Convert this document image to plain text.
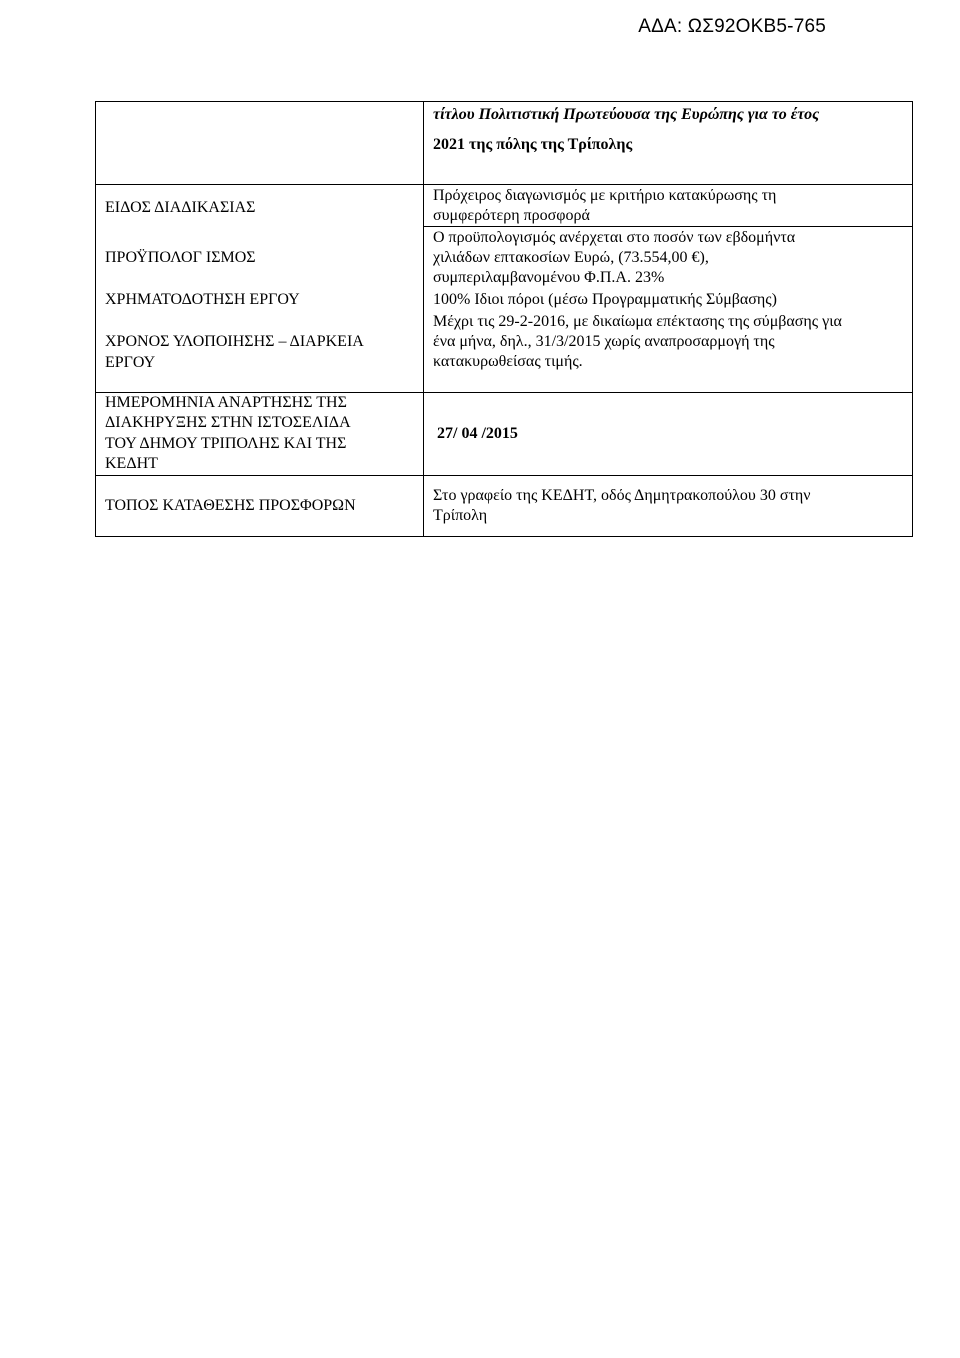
ΑΔΑ: ΩΣ92ΟΚΒ5-765
τίτλου Πολιτιστική Πρωτεύουσα της Ευρώπης για το έτος
2021 της πόλης της Τρίπολης
ΕΙΔΟΣ ΔΙΑΔΙΚΑΣΙΑΣ
ΠΡΟΫΠΟΛΟΓ ΙΣΜΟΣ
ΧΡΗΜΑΤΟΔΟΤΗΣΗ ΕΡΓΟΥ
ΧΡΟΝΟΣ ΥΛΟΠΟΙΗΣΗΣ – ΔΙΑΡΚΕΙΑ
ΕΡΓΟΥ
Πρόχειρος διαγωνισμός με κριτήριο κατακύρωσης τη
συμφερότερη προσφορά
Ο προϋπολογισμός ανέρχεται στο ποσόν των εβδομήντα
χιλιάδων επτακοσίων Ευρώ, (73.554,00 €),
συμπεριλαμβανομένου Φ.Π.Α. 23%
100% Ιδιοι πόροι (μέσω Προγραμματικής Σύμβασης)
Μέχρι τις 29-2-2016, με δικαίωμα επέκτασης της σύμβασης για
ένα μήνα, δηλ., 31/3/2015 χωρίς αναπροσαρμογή της
κατακυρωθείσας τιμής.
ΗΜΕΡΟΜΗΝΙΑ ΑΝΑΡΤΗΣΗΣ ΤΗΣ
ΔΙΑΚΗΡΥΞΗΣ ΣΤΗΝ ΙΣΤΟΣΕΛΙΔΑ
ΤΟΥ ΔΗΜΟΥ ΤΡΙΠΟΛΗΣ ΚΑΙ ΤΗΣ
ΚΕΔΗΤ
27/ 04 /2015
ΤΟΠΟΣ ΚΑΤΑΘΕΣΗΣ ΠΡΟΣΦΟΡΩΝ
Στο γραφείο της ΚΕΔΗΤ, οδός Δημητρακοπούλου 30 στην
Τρίπολη
